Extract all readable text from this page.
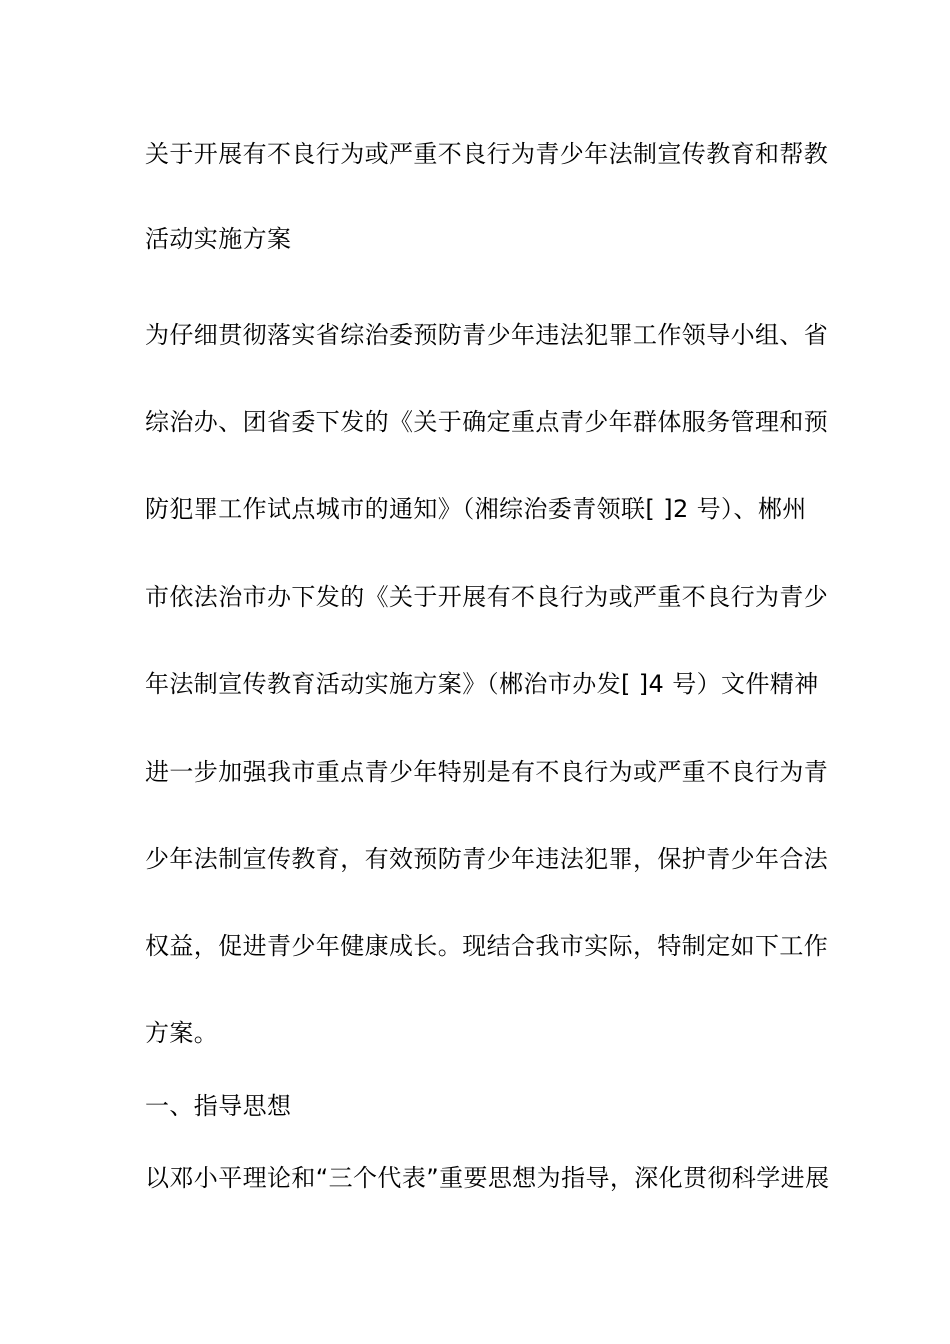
关于开展有不良行为或严重不良行为青少年法制宣传教育和帮教
活动实施方案
为仔细贯彻落实省综治委预防青少年违法犯罪工作领导小组、省
综治办、团省委下发的《关于确定重点青少年群体服务管理和预
防犯罪工作试点城市的通知》（湘综治委青领联[ ]2 号）、郴州
市依法治市办下发的《关于开展有不良行为或严重不良行为青少
年法制宣传教育活动实施方案》（郴治市办发[ ]4 号）文件精神
进一步加强我市重点青少年特别是有不良行为或严重不良行为青
少年法制宣传教育，有效预防青少年违法犯罪，保护青少年合法
权益，促进青少年健康成长。现结合我市实际，特制定如下工作
方案。
一、指导思想
以邓小平理论和“三个代表”重要思想为指导，深化贯彻科学进展
